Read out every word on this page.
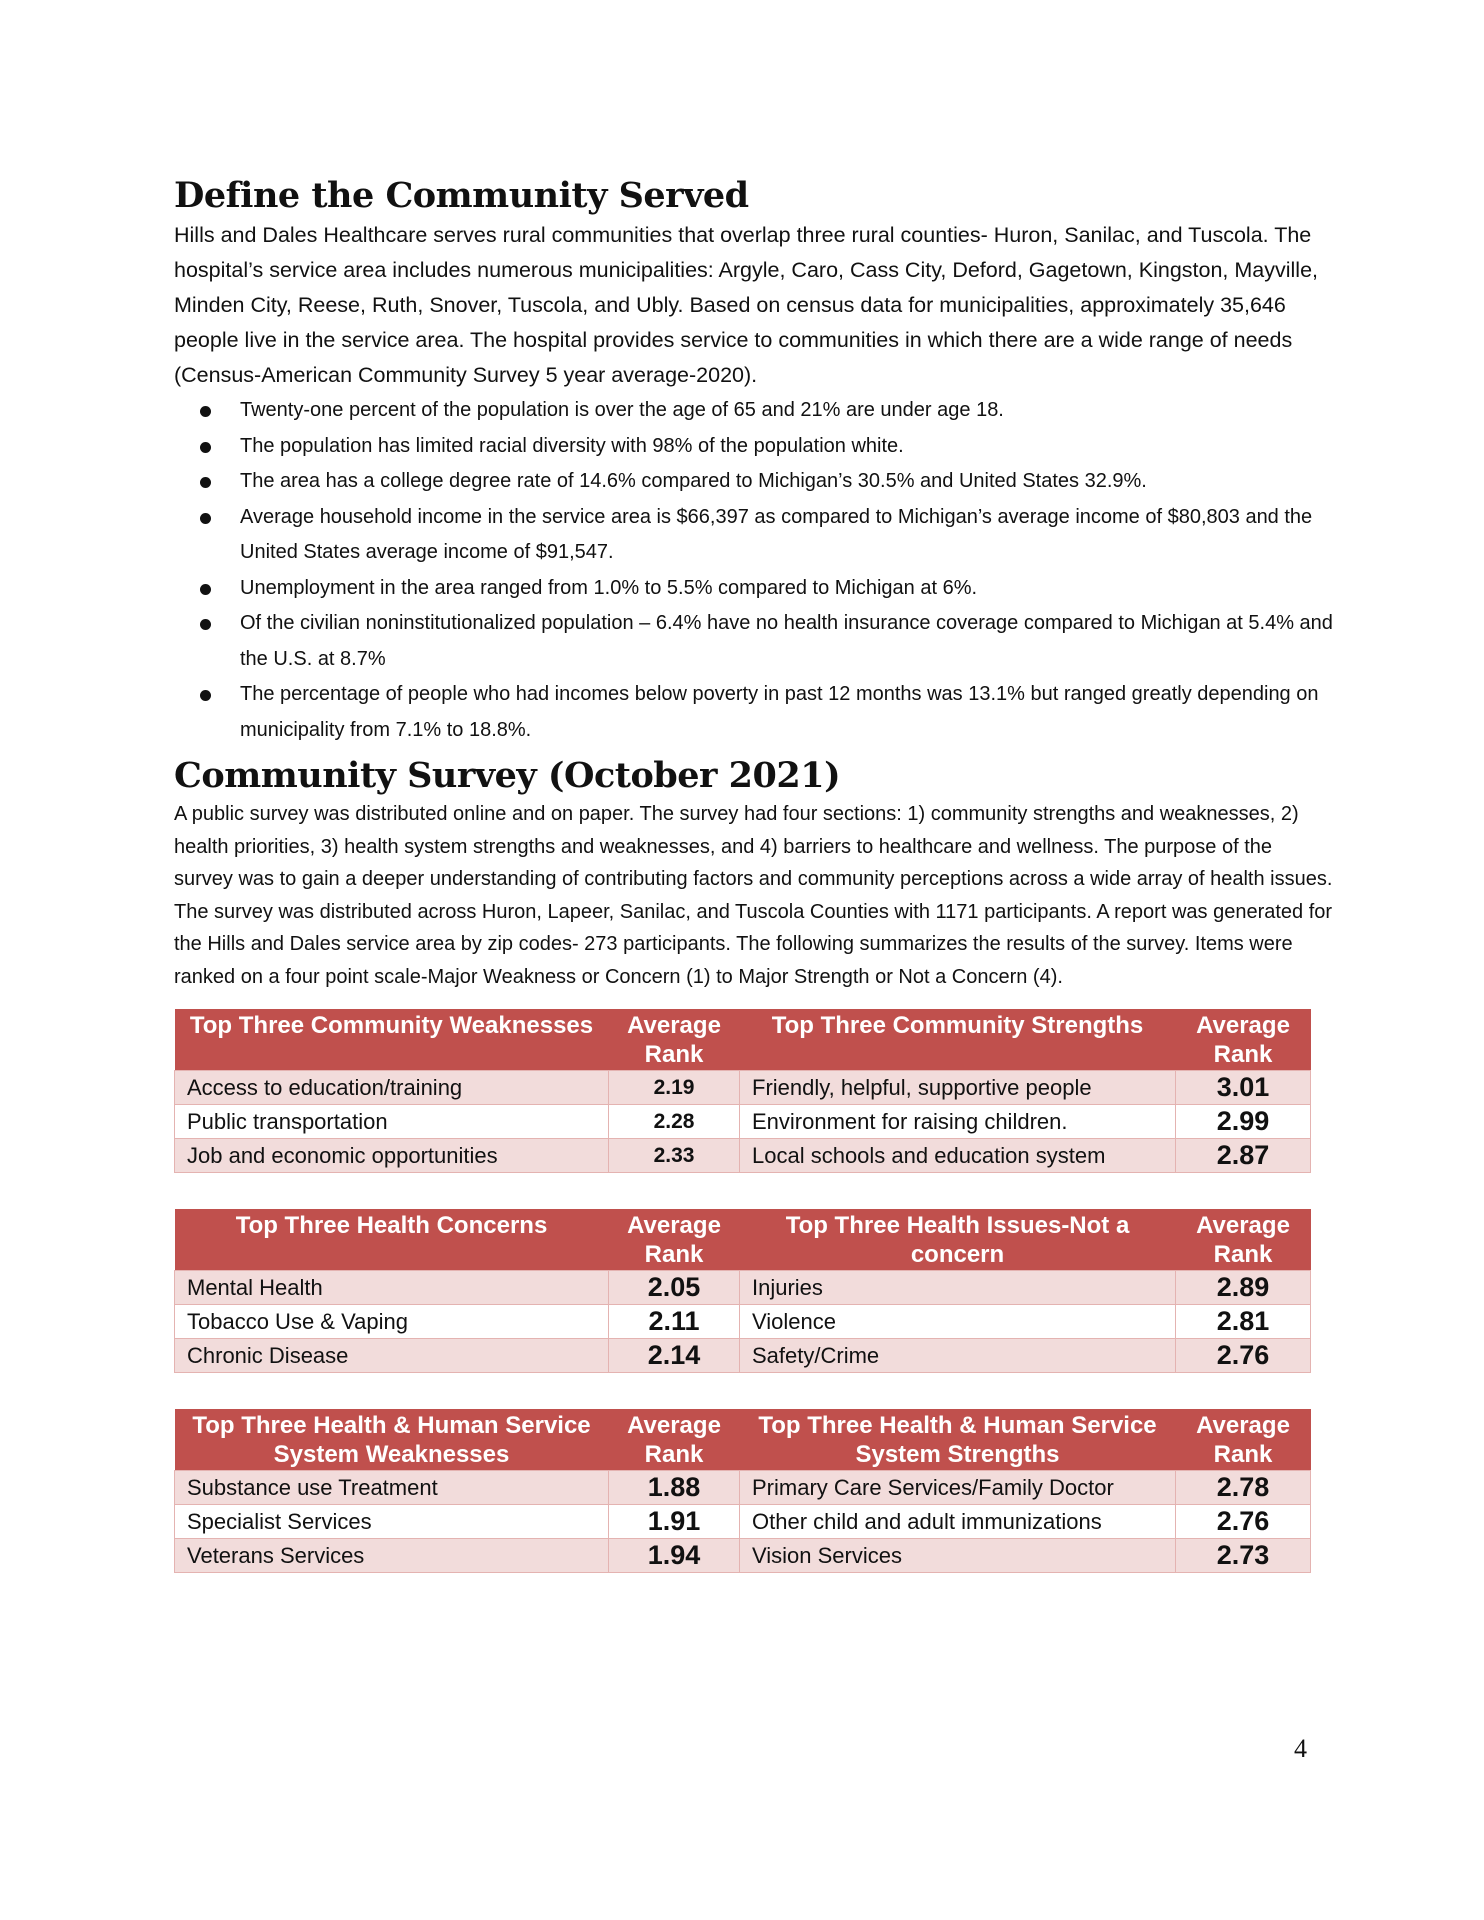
Define the Community Served

Hills and Dales Healthcare serves rural communities that overlap three rural counties- Huron, Sanilac, and Tuscola. The hospital’s service area includes numerous municipalities: Argyle, Caro, Cass City, Deford, Gagetown, Kingston, Mayville, Minden City, Reese, Ruth, Snover, Tuscola, and Ubly. Based on census data for municipalities, approximately 35,646 people live in the service area. The hospital provides service to communities in which there are a wide range of needs (Census-American Community Survey 5 year average-2020).

Twenty-one percent of the population is over the age of 65 and 21% are under age 18.
The population has limited racial diversity with 98% of the population white.
The area has a college degree rate of 14.6% compared to Michigan’s 30.5% and United States 32.9%.
Average household income in the service area is $66,397 as compared to Michigan’s average income of $80,803 and the United States average income of $91,547.
Unemployment in the area ranged from 1.0% to 5.5% compared to Michigan at 6%.
Of the civilian noninstitutionalized population – 6.4% have no health insurance coverage compared to Michigan at 5.4% and the U.S. at 8.7%
The percentage of people who had incomes below poverty in past 12 months was 13.1% but ranged greatly depending on municipality from 7.1% to 18.8%.
Community Survey (October 2021)

A public survey was distributed online and on paper. The survey had four sections: 1) community strengths and weaknesses, 2) health priorities, 3) health system strengths and weaknesses, and 4) barriers to healthcare and wellness. The purpose of the survey was to gain a deeper understanding of contributing factors and community perceptions across a wide array of health issues. The survey was distributed across Huron, Lapeer, Sanilac, and Tuscola Counties with 1171 participants. A report was generated for the Hills and Dales service area by zip codes- 273 participants. The following summarizes the results of the survey. Items were ranked on a four point scale-Major Weakness or Concern (1) to Major Strength or Not a Concern (4).

Top Three Community Weaknesses	Average Rank	Top Three Community Strengths	Average Rank
Access to education/training	2.19	Friendly, helpful, supportive people	3.01
Public transportation	2.28	Environment for raising children.	2.99
Job and economic opportunities	2.33	Local schools and education system	2.87
Top Three Health Concerns	Average Rank	Top Three Health Issues-Not a concern	Average Rank
Mental Health	2.05	Injuries	2.89
Tobacco Use & Vaping	2.11	Violence	2.81
Chronic Disease	2.14	Safety/Crime	2.76
Top Three Health & Human Service System Weaknesses	Average Rank	Top Three Health & Human Service System Strengths	Average Rank
Substance use Treatment	1.88	Primary Care Services/Family Doctor	2.78
Specialist Services	1.91	Other child and adult immunizations	2.76
Veterans Services	1.94	Vision Services	2.73
4
